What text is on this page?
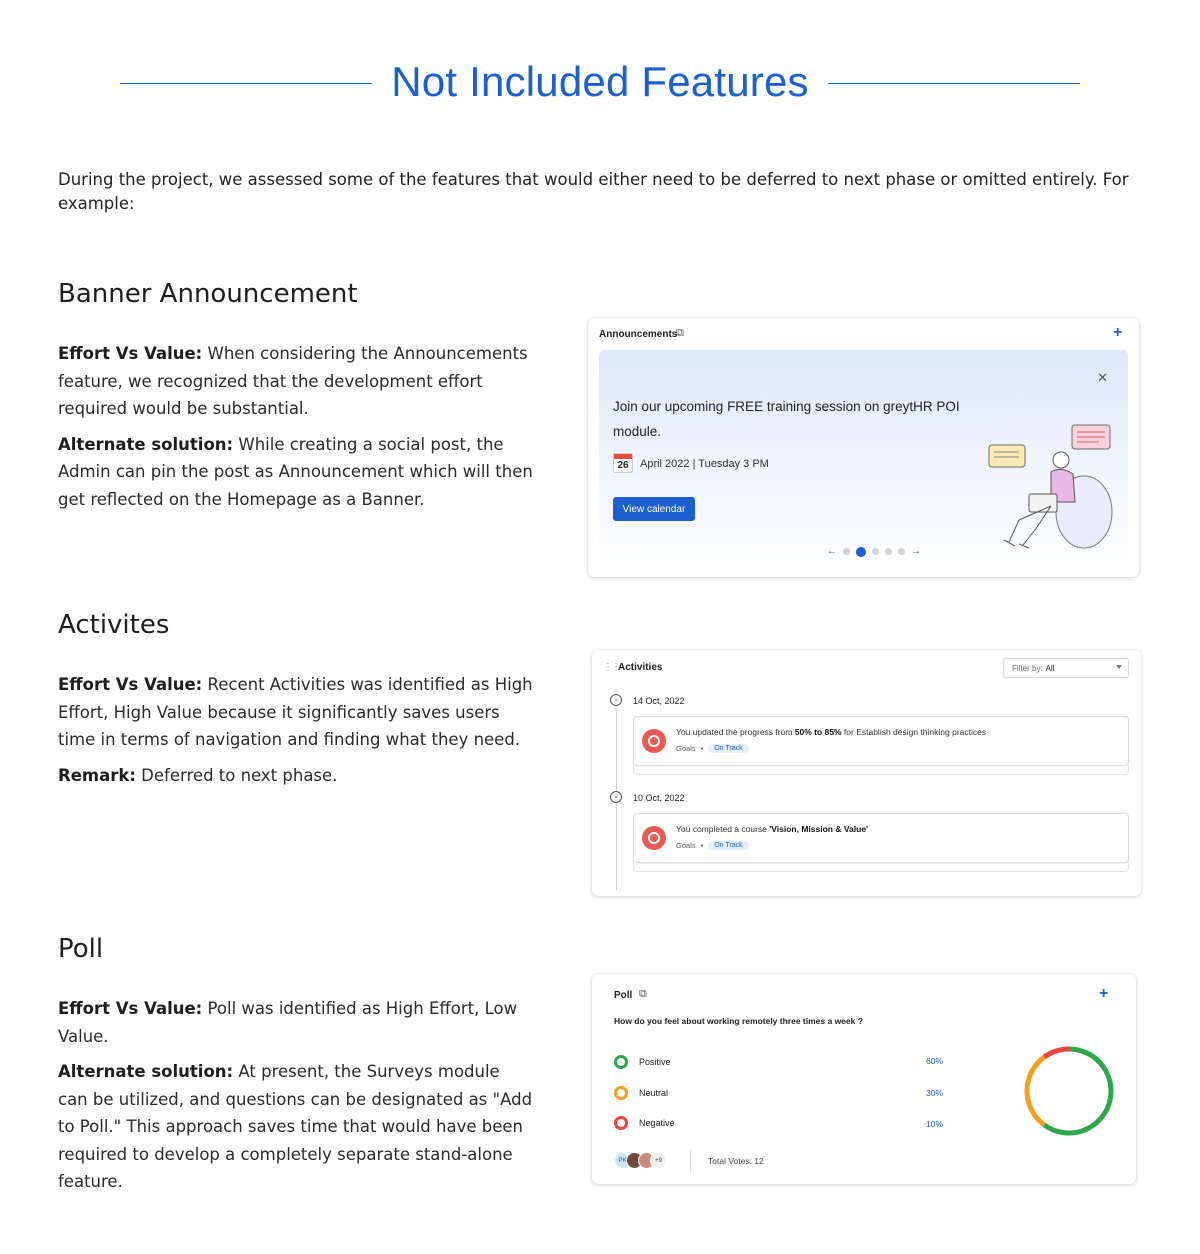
Not Included Features

During the project, we assessed some of the features that would either need to be deferred to next phase or omitted entirely. For example:

Banner Announcement

Effort Vs Value: When considering the Announcements feature, we recognized that the development effort required would be substantial.

Alternate solution: While creating a social post, the Admin can pin the post as Announcement which will then get reflected on the Homepage as a Banner.

Announcements
⧉	+
✕
Join our upcoming FREE training session on greytHR POI module.
26	April 2022 | Tuesday 3 PM
View calendar
←	→
Activites

Effort Vs Value: Recent Activities was identified as High Effort, High Value because it significantly saves users time in terms of navigation and finding what they need.

Remark: Deferred to next phase.

⋮⋮ Activities	Filter by: All
⌄	14 Oct, 2022
You updated the progress from 50% to 85% for Establish design thinking practices
Goals •	On Track
⌄	10 Oct, 2022
You completed a course 'Vision, Mission & Value'
Goals •	On Track
Poll

Effort Vs Value: Poll was identified as High Effort, Low Value.

Alternate solution: At present, the Surveys module can be utilized, and questions can be designated as "Add to Poll." This approach saves time that would have been required to develop a completely separate stand-alone feature.

Poll ⧉	+
How do you feel about working remotely three times a week ?
Positive	60%
Neutral	30%
Negative	10%
PK	+9	Total Votes: 12
